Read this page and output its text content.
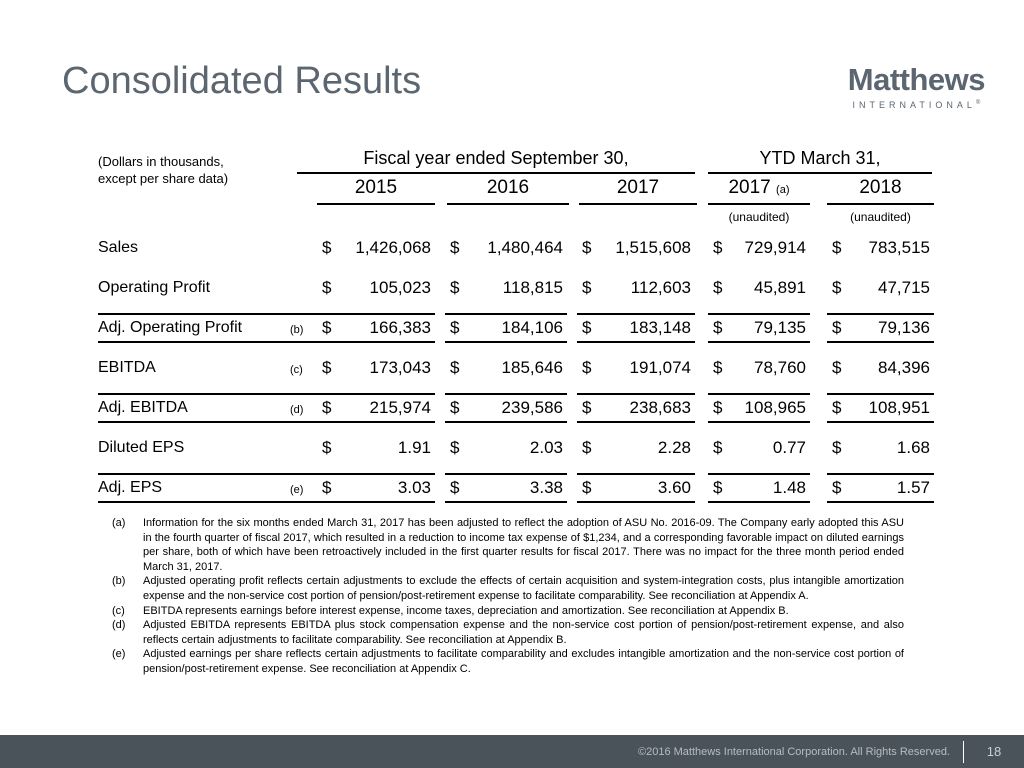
Consolidated Results	Matthews
INTERNATIONAL®
(Dollars in thousands,
except per share data)
Fiscal year ended September 30,	YTD March 31,
2015	2016	2017	2017 (a)	2018
(unaudited)	(unaudited)
Sales	$ 1,426,068 $ 1,480,464 $ 1,515,608 $ 729,914 $ 783,515
Operating Profit	$ 105,023 $	118,815 $ 112,603 $ 45,891 $ 47,715
Adj. Operating Profit	(b)	$ 166,383 $ 184,106 $ 183,148 $ 79,135 $ 79,136
EBITDA	(c)	$ 173,043 $ 185,646 $ 191,074 $ 78,760 $ 84,396
Adj. EBITDA	(d)	$ 215,974 $ 239,586 $ 238,683 $ 108,965 $ 108,951
Diluted EPS	$	1.91 $	2.03 $	2.28 $	0.77 $	1.68
Adj. EPS	(e)	$	3.03 $	3.38 $	3.60 $	1.48 $	1.57
(a)	Information for the six months ended March 31, 2017 has been adjusted to reflect the adoption of ASU No. 2016-09. The Company early adopted this ASU in the fourth quarter of fiscal 2017, which resulted in a reduction to income tax expense of $1,234, and a corresponding favorable impact on diluted earnings per share, both of which have been retroactively included in the first quarter results for fiscal 2017. There was no impact for the three month period ended March 31, 2017.
(b)	Adjusted operating profit reflects certain adjustments to exclude the effects of certain acquisition and system-integration costs, plus intangible amortization expense and the non-service cost portion of pension/post-retirement expense to facilitate comparability. See reconciliation at Appendix A.
(c)	EBITDA represents earnings before interest expense, income taxes, depreciation and amortization. See reconciliation at Appendix B.
(d)	Adjusted EBITDA represents EBITDA plus stock compensation expense and the non-service cost portion of pension/post-retirement expense, and also reflects certain adjustments to facilitate comparability. See reconciliation at Appendix B.
(e)	Adjusted earnings per share reflects certain adjustments to facilitate comparability and excludes intangible amortization and the non-service cost portion of pension/post-retirement expense. See reconciliation at Appendix C.
©2016 Matthews International Corporation. All Rights Reserved.	18
